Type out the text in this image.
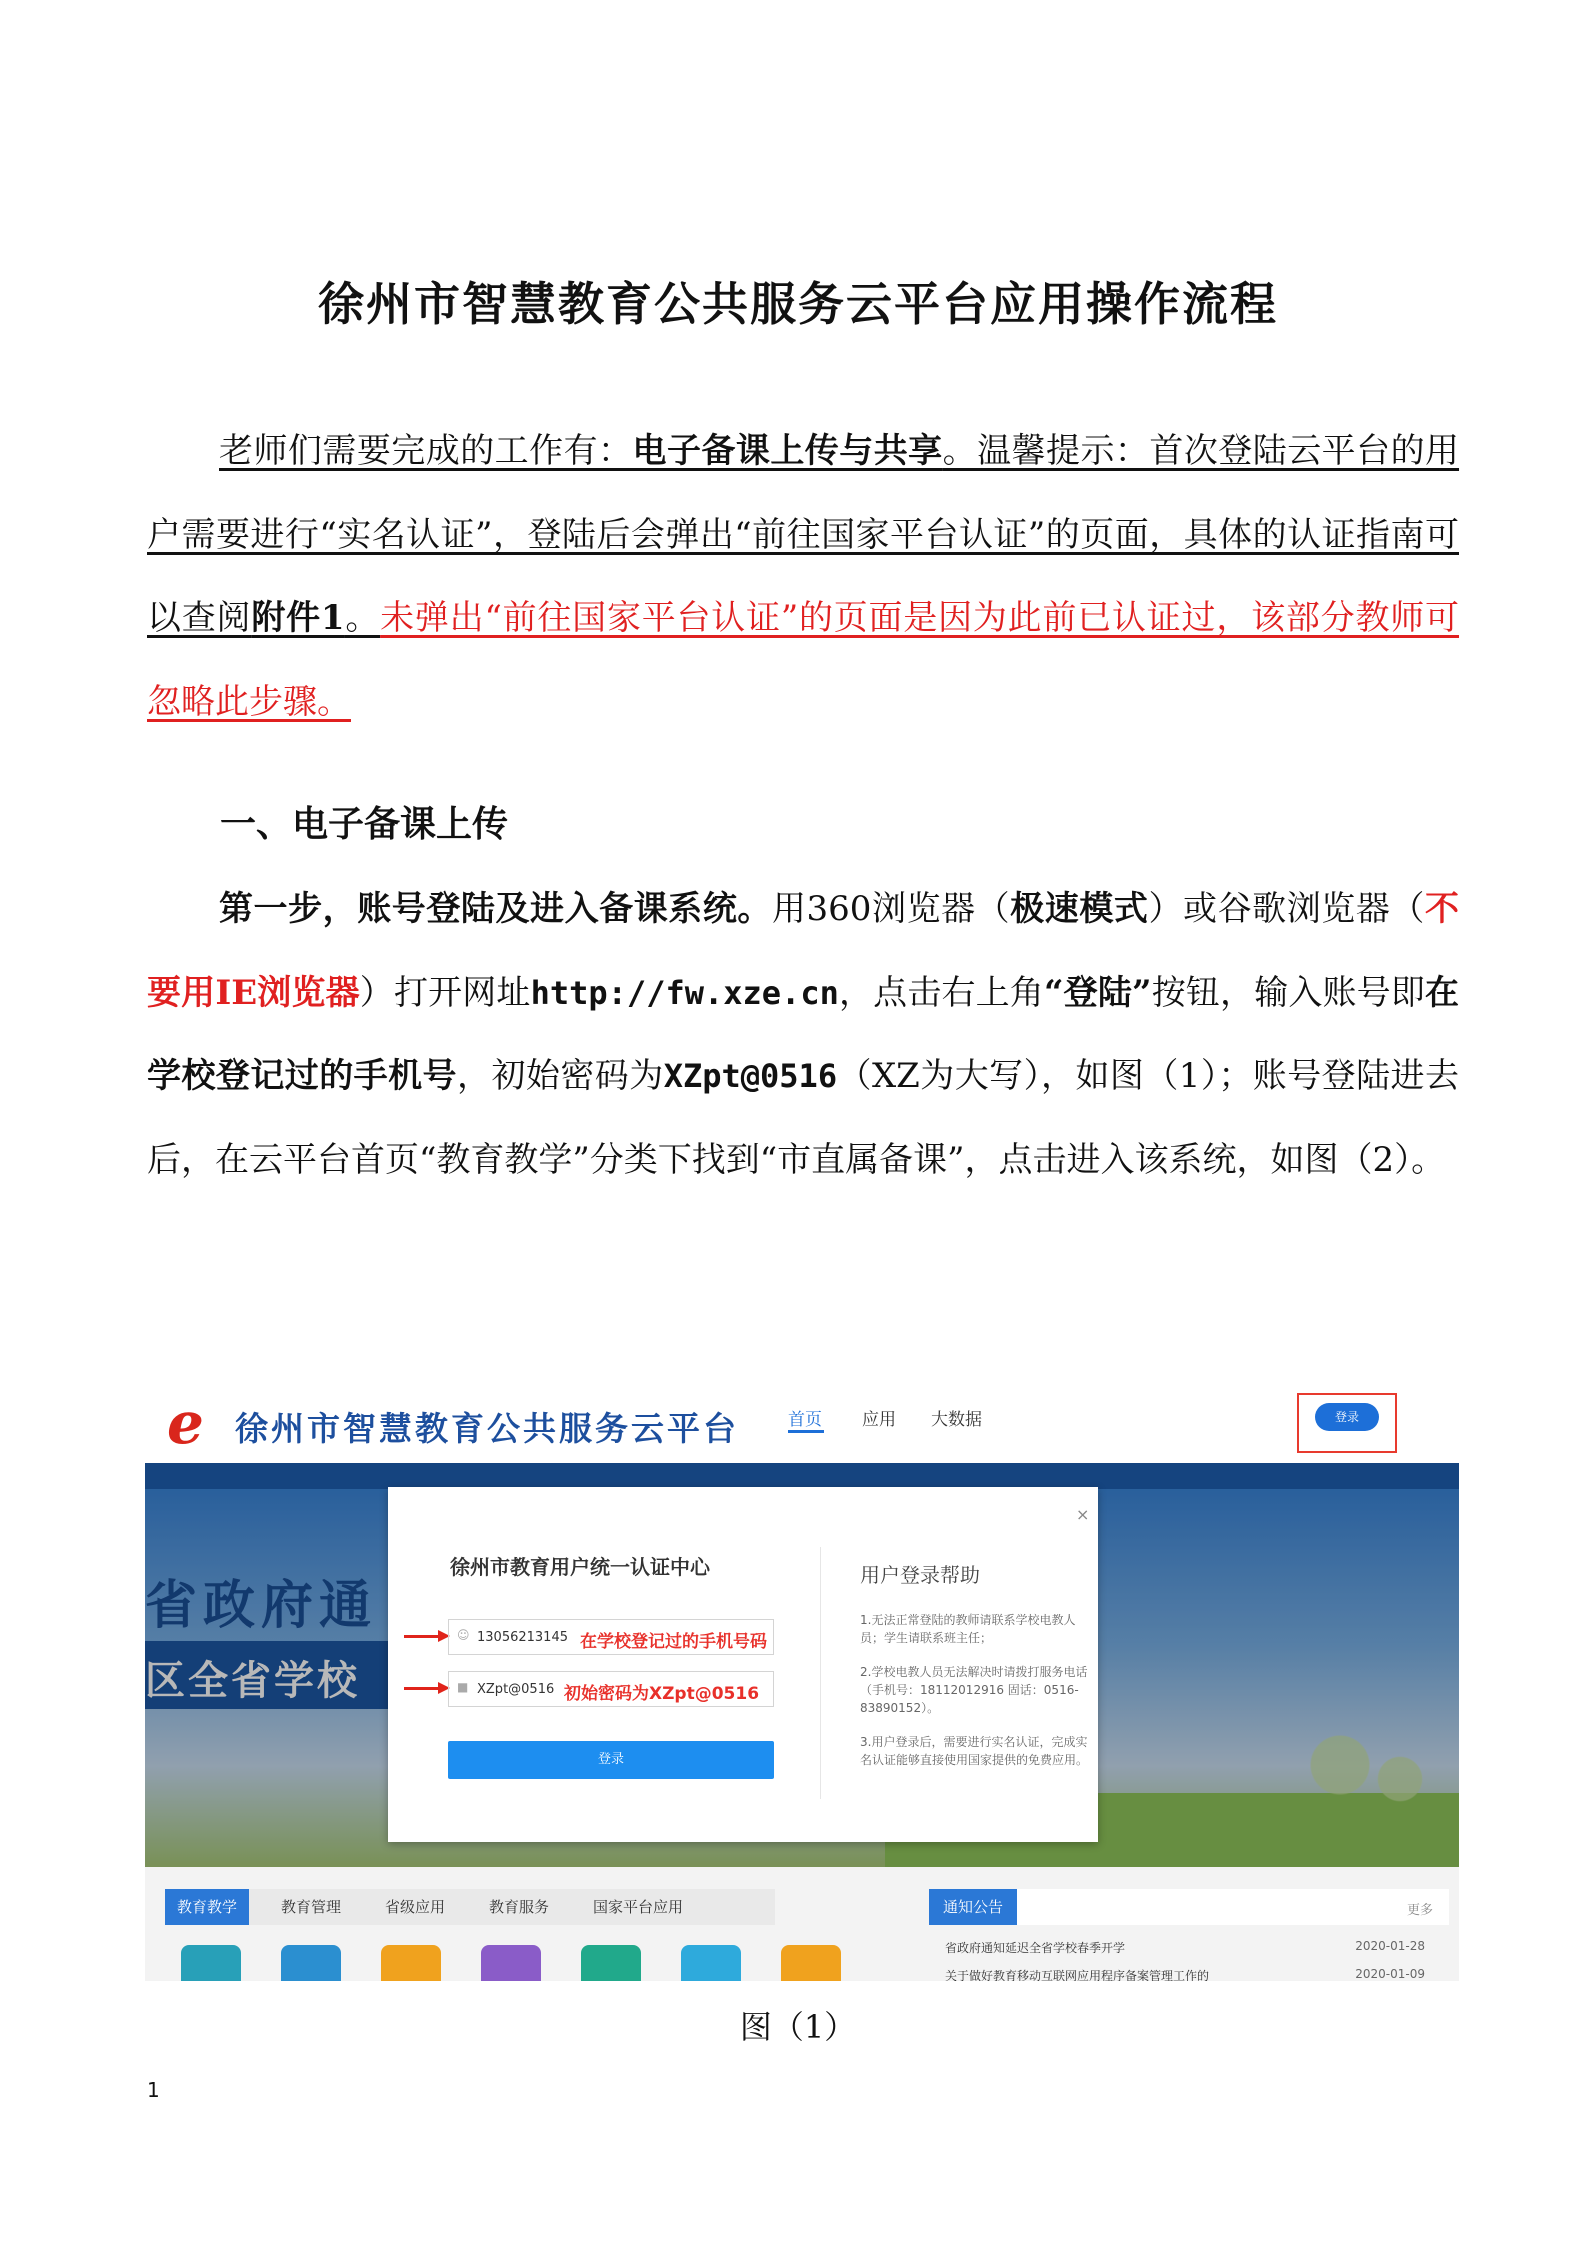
徐州市智慧教育公共服务云平台应用操作流程

老师们需要完成的工作有：电子备课上传与共享。温馨提示：首次登陆云平台的用户需要进行“实名认证”，登陆后会弹出“前往国家平台认证”的页面，具体的认证指南可以查阅附件1。未弹出“前往国家平台认证”的页面是因为此前已认证过，该部分教师可忽略此步骤。

一、电子备课上传

第一步，账号登陆及进入备课系统。用360浏览器（极速模式）或谷歌浏览器（不要用IE浏览器）打开网址http://fw.xze.cn，点击右上角“登陆”按钮，输入账号即在学校登记过的手机号，初始密码为XZpt@0516（XZ为大写），如图（1）；账号登陆进去后，在云平台首页“教育教学”分类下找到“市直属备课”，点击进入该系统，如图（2）。

e 徐州市智慧教育公共服务云平台	首页 应用 大数据	登录
省政府通
区全省学校
×
徐州市教育用户统一认证中心
☺ 13056213145 在学校登记过的手机号码
■ XZpt@0516 初始密码为XZpt@0516
登录
用户登录帮助

1.无法正常登陆的教师请联系学校电教人员；学生请联系班主任；

2.学校电教人员无法解决时请拨打服务电话（手机号：18112012916 固话：0516-83890152）。

3.用户登录后，需要进行实名认证，完成实名认证能够直接使用国家提供的免费应用。

教育教学	教育管理	省级应用	教育服务	国家平台应用	通知公告	更多
省政府通知延迟全省学校春季开学	2020-01-28
关于做好教育移动互联网应用程序备案管理工作的	2020-01-09

图（1）

1
